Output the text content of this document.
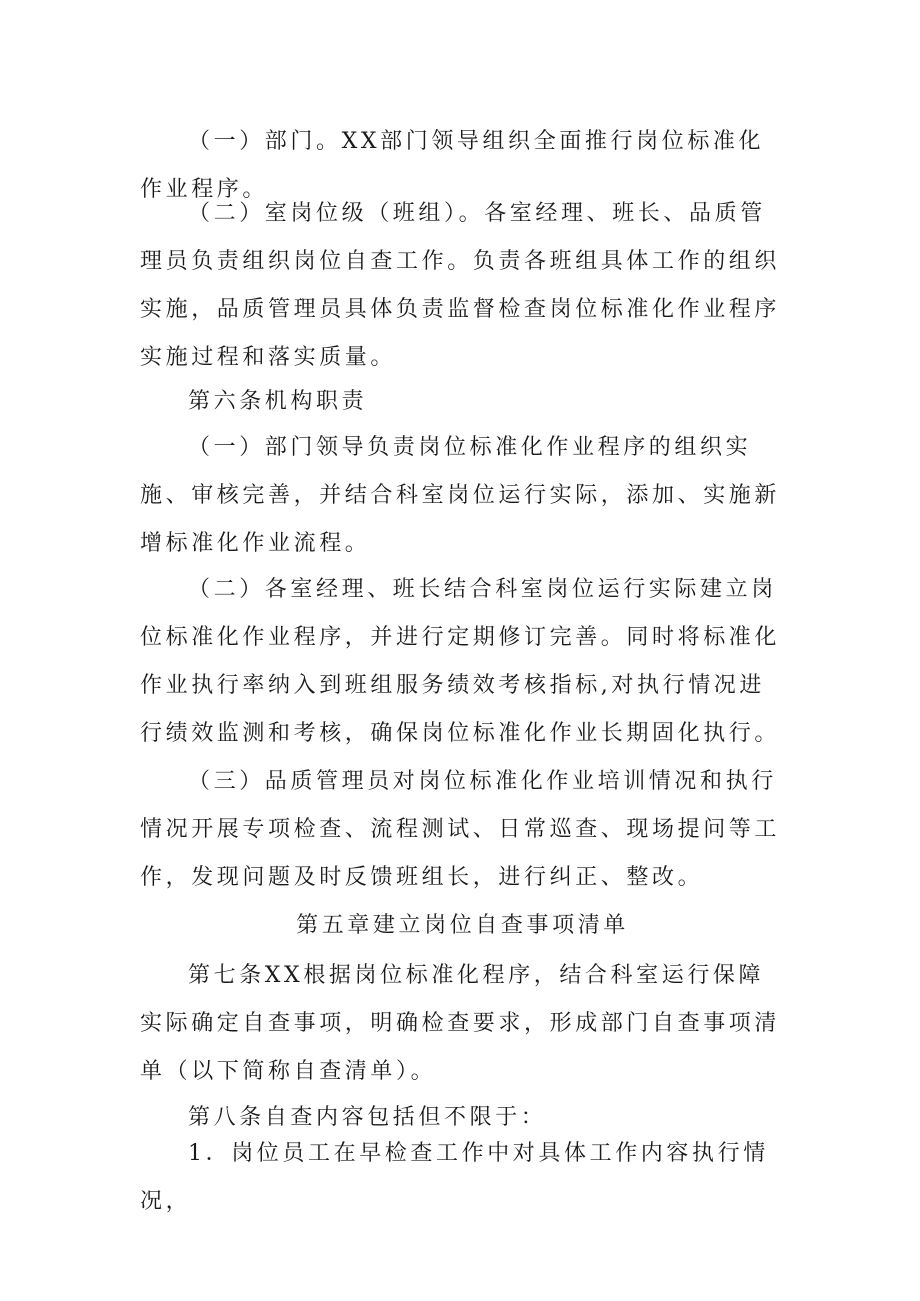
（一）部门。XX部门领导组织全面推行岗位标准化作业程序。

（二）室岗位级（班组）。各室经理、班长、品质管理员负责组织岗位自查工作。负责各班组具体工作的组织实施，品质管理员具体负责监督检查岗位标准化作业程序实施过程和落实质量。

第六条机构职责

（一）部门领导负责岗位标准化作业程序的组织实施、审核完善，并结合科室岗位运行实际，添加、实施新增标准化作业流程。

（二）各室经理、班长结合科室岗位运行实际建立岗位标准化作业程序，并进行定期修订完善。同时将标准化作业执行率纳入到班组服务绩效考核指标,对执行情况进行绩效监测和考核，确保岗位标准化作业长期固化执行。

（三）品质管理员对岗位标准化作业培训情况和执行情况开展专项检查、流程测试、日常巡查、现场提问等工作，发现问题及时反馈班组长，进行纠正、整改。

第五章建立岗位自查事项清单

第七条XX根据岗位标准化程序，结合科室运行保障实际确定自查事项，明确检查要求，形成部门自查事项清单（以下简称自查清单）。

第八条自查内容包括但不限于：

1．岗位员工在早检查工作中对具体工作内容执行情况，
